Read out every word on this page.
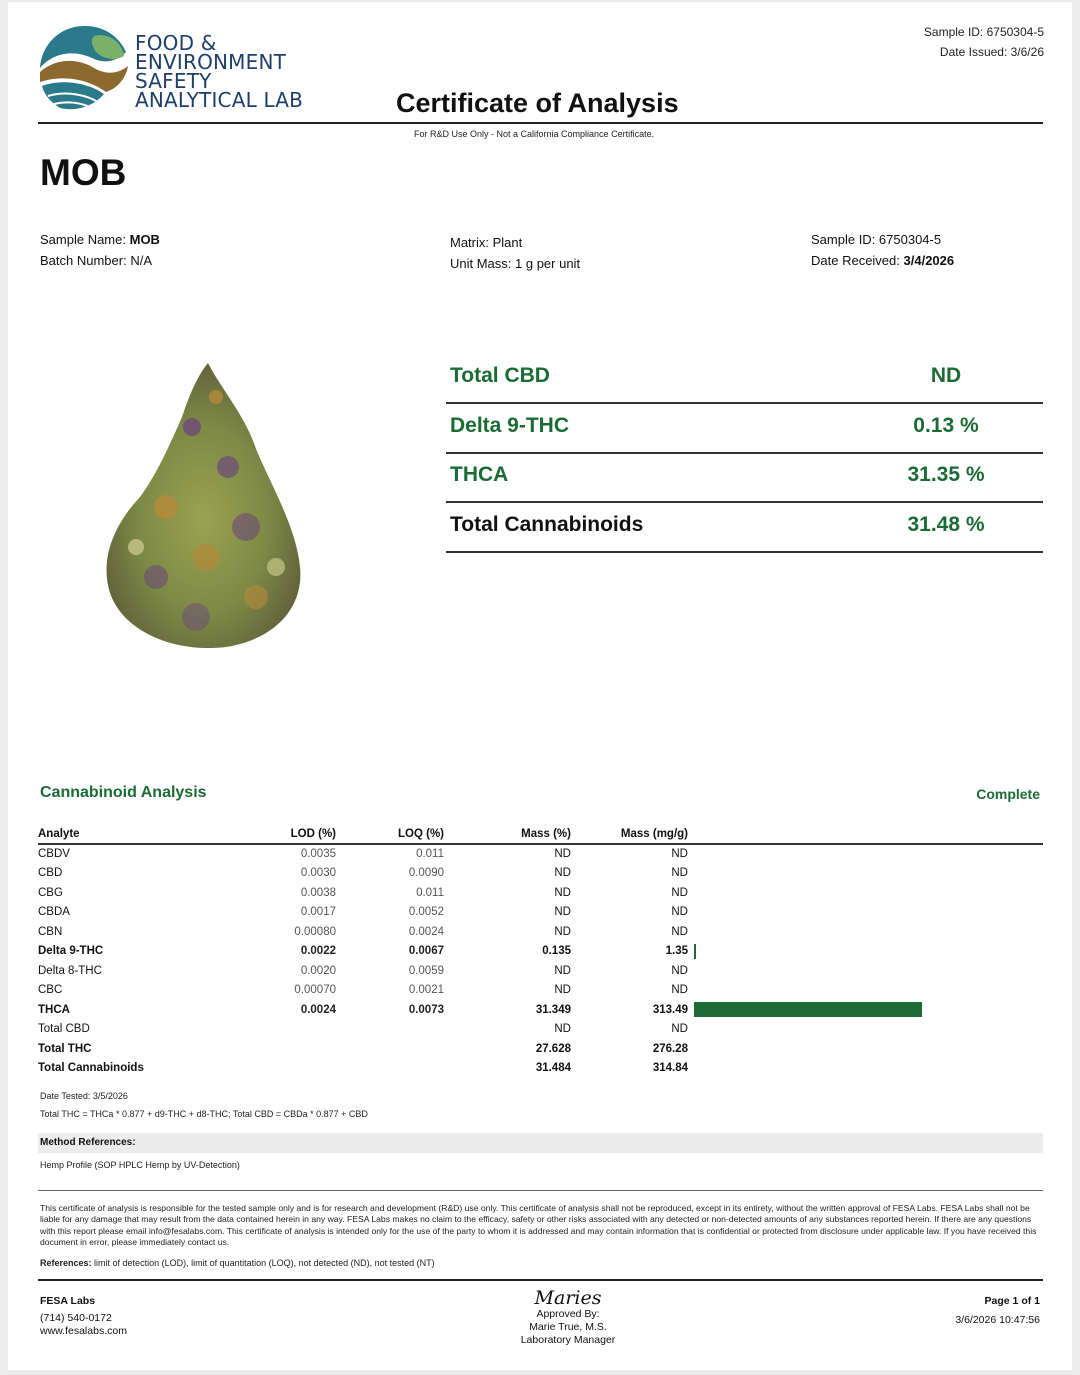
FOOD &
ENVIRONMENT
SAFETY
ANALYTICAL LAB	Certificate of Analysis
Sample ID: 6750304-5
Date Issued: 3/6/26
For R&D Use Only - Not a California Compliance Certificate.
MOB
Sample Name: MOB
Batch Number: N/A
Matrix: Plant
Unit Mass: 1 g per unit
Sample ID: 6750304-5
Date Received: 3/4/2026
Total CBD	ND
Delta 9-THC	0.13 %
THCA	31.35 %
Total Cannabinoids	31.48 %
Cannabinoid Analysis	Complete
Analyte	LOD (%)	LOQ (%)	Mass (%)	Mass (mg/g)	
CBDV	0.0035	0.011	ND	ND	
CBD	0.0030	0.0090	ND	ND	
CBG	0.0038	0.011	ND	ND	
CBDA	0.0017	0.0052	ND	ND	
CBN	0.00080	0.0024	ND	ND	
Delta 9-THC	0.0022	0.0067	0.135	1.35	

Delta 8-THC	0.0020	0.0059	ND	ND	
CBC	0.00070	0.0021	ND	ND	
THCA	0.0024	0.0073	31.349	313.49	

Total CBD			ND	ND	
Total THC			27.628	276.28	
Total Cannabinoids			31.484	314.84	
Date Tested: 3/5/2026
Total THC = THCa * 0.877 + d9-THC + d8-THC; Total CBD = CBDa * 0.877 + CBD
Method References:
Hemp Profile (SOP HPLC Hemp by UV-Detection)
This certificate of analysis is responsible for the tested sample only and is for research and development (R&D) use only. This certificate of analysis shall not be reproduced, except in its entirety, without the written approval of FESA Labs. FESA Labs shall not be liable for any damage that may result from the data contained herein in any way. FESA Labs makes no claim to the efficacy, safety or other risks associated with any detected or non-detected amounts of any substances reported herein. If there are any questions with this report please email info@fesalabs.com. This certificate of analysis is intended only for the use of the party to whom it is addressed and may contain information that is confidential or protected from disclosure under applicable law. If you have received this document in error, please immediately contact us.
References: limit of detection (LOD), limit of quantitation (LOQ), not detected (ND), not tested (NT)
FESA Labs
(714) 540-0172
www.fesalabs.com
Maries
Approved By:
Marie True, M.S.
Laboratory Manager
Page 1 of 1
3/6/2026 10:47:56
